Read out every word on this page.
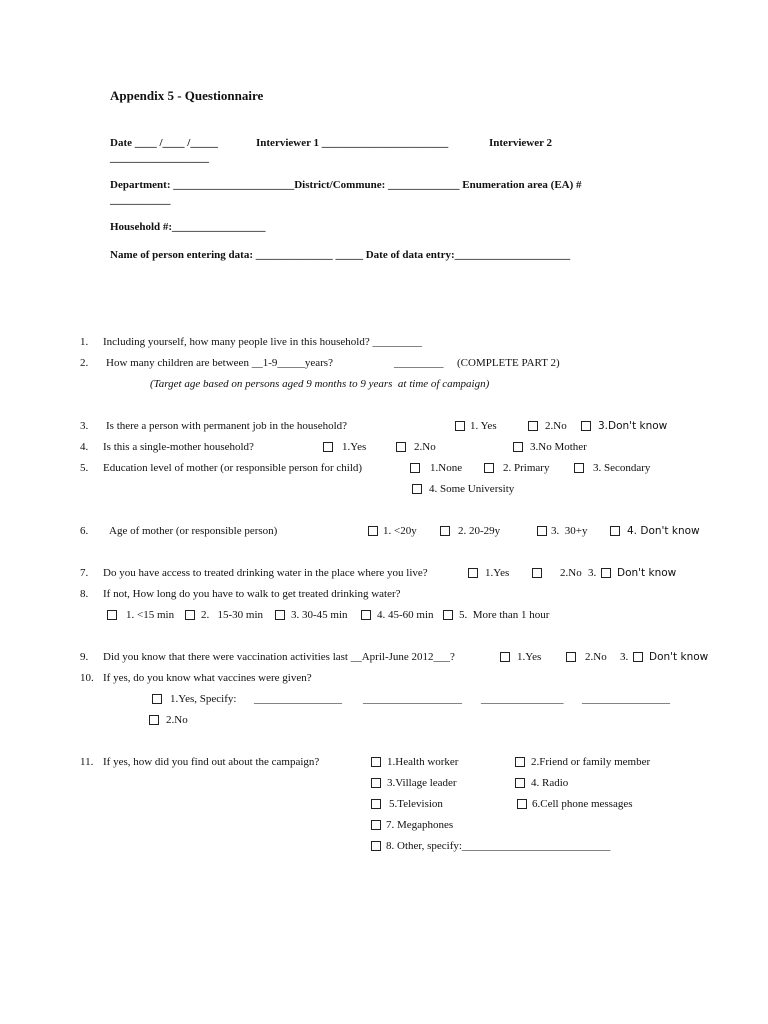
Appendix 5 - Questionnaire
Date ____ /____ /_____	Interviewer 1 _______________________	Interviewer 2
__________________
Department: ______________________District/Commune: _____________ Enumeration area (EA) #
___________
Household #:_________________
Name of person entering data: ______________ _____ Date of data entry:_____________________
1. Including yourself, how many people live in this household? _________
2. How many children are between __1-9_____years?	_________ (COMPLETE PART 2)
(Target age based on persons aged 9 months to 9 years  at time of campaign)
3. Is there a person with permanent job in the household?	1. Yes	2.No	3.Don't know
4. Is this a single-mother household?	1.Yes	2.No	3.No Mother
5. Education level of mother (or responsible person for child)	1.None	2. Primary	3. Secondary
4. Some University
6. Age of mother (or responsible person)	1. <20y	2. 20-29y	3.  30+y	4. Don't know
7. Do you have access to treated drinking water in the place where you live?	1.Yes	2.No 3. Don't know
8. If not, How long do you have to walk to get treated drinking water?
1. <15 min 2.   15-30 min	3. 30-45 min	4. 45-60 min 5.  More than 1 hour
9. Did you know that there were vaccination activities last __April-June 2012___?	1.Yes	2.No 3. Don't know
10. If yes, do you know what vaccines were given?
1.Yes, Specify: ________________ __________________ _______________ ________________
2.No
11. If yes, how did you find out about the campaign?	1.Health worker	2.Friend or family member
3.Village leader	4. Radio
5.Television	6.Cell phone messages
7. Megaphones
8. Other, specify:___________________________
